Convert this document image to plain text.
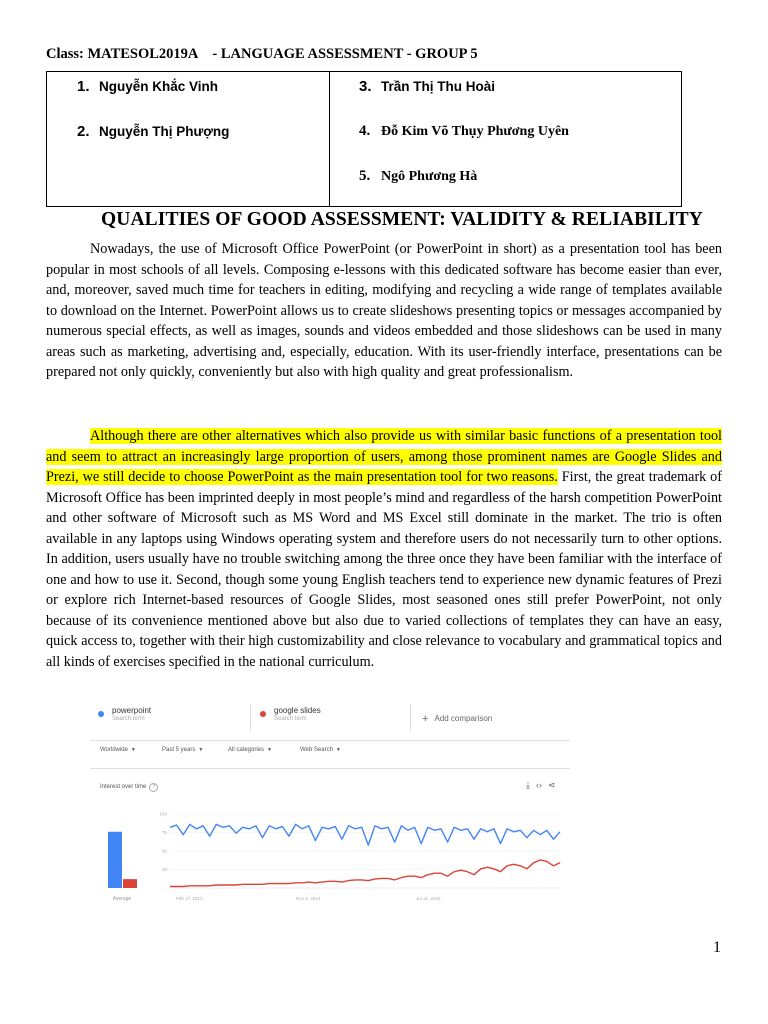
Class: MATESOL2019A - LANGUAGE ASSESSMENT - GROUP 5
1. Nguyễn Khắc Vinh
2. Nguyễn Thị Phượng
3. Trần Thị Thu Hoài
4. Đỗ Kim Võ Thụy Phương Uyên
5. Ngô Phương Hà
QUALITIES OF GOOD ASSESSMENT: VALIDITY & RELIABILITY

Nowadays, the use of Microsoft Office PowerPoint (or PowerPoint in short) as a presentation tool has been popular in most schools of all levels. Composing e-lessons with this dedicated software has become easier than ever, and, moreover, saved much time for teachers in editing, modifying and recycling a wide range of templates available to download on the Internet. PowerPoint allows us to create slideshows presenting topics or messages accompanied by numerous special effects, as well as images, sounds and videos embedded and those slideshows can be used in many areas such as marketing, advertising and, especially, education. With its user-friendly interface, presentations can be prepared not only quickly, conveniently but also with high quality and great professionalism.

Although there are other alternatives which also provide us with similar basic functions of a presentation tool and seem to attract an increasingly large proportion of users, among those prominent names are Google Slides and Prezi, we still decide to choose PowerPoint as the main presentation tool for two reasons. First, the great trademark of Microsoft Office has been imprinted deeply in most people’s mind and regardless of the harsh competition PowerPoint and other software of Microsoft such as MS Word and MS Excel still dominate in the market. The trio is often available in any laptops using Windows operating system and therefore users do not necessarily turn to other options. In addition, users usually have no trouble switching among the three once they have been familiar with the interface of one and how to use it. Second, though some young English teachers tend to experience new dynamic features of Prezi or explore rich Internet-based resources of Google Slides, most seasoned ones still prefer PowerPoint, not only because of its convenience mentioned above but also due to varied collections of templates they can have an easy, quick access to, together with their high customizability and close relevance to vocabulary and grammatical topics and all kinds of exercises specified in the national curriculum.

powerpoint
Search term
google slides
Search term	+ Add comparison
Worldwide ▼	Past 5 years ▼	All categories ▼	Web Search ▼
Interest over time ?	⤓ ‹› ⋖
Average
100
75
50
25
Feb 17, 2013	Nov 9, 2014	Jul 31, 2016
1
